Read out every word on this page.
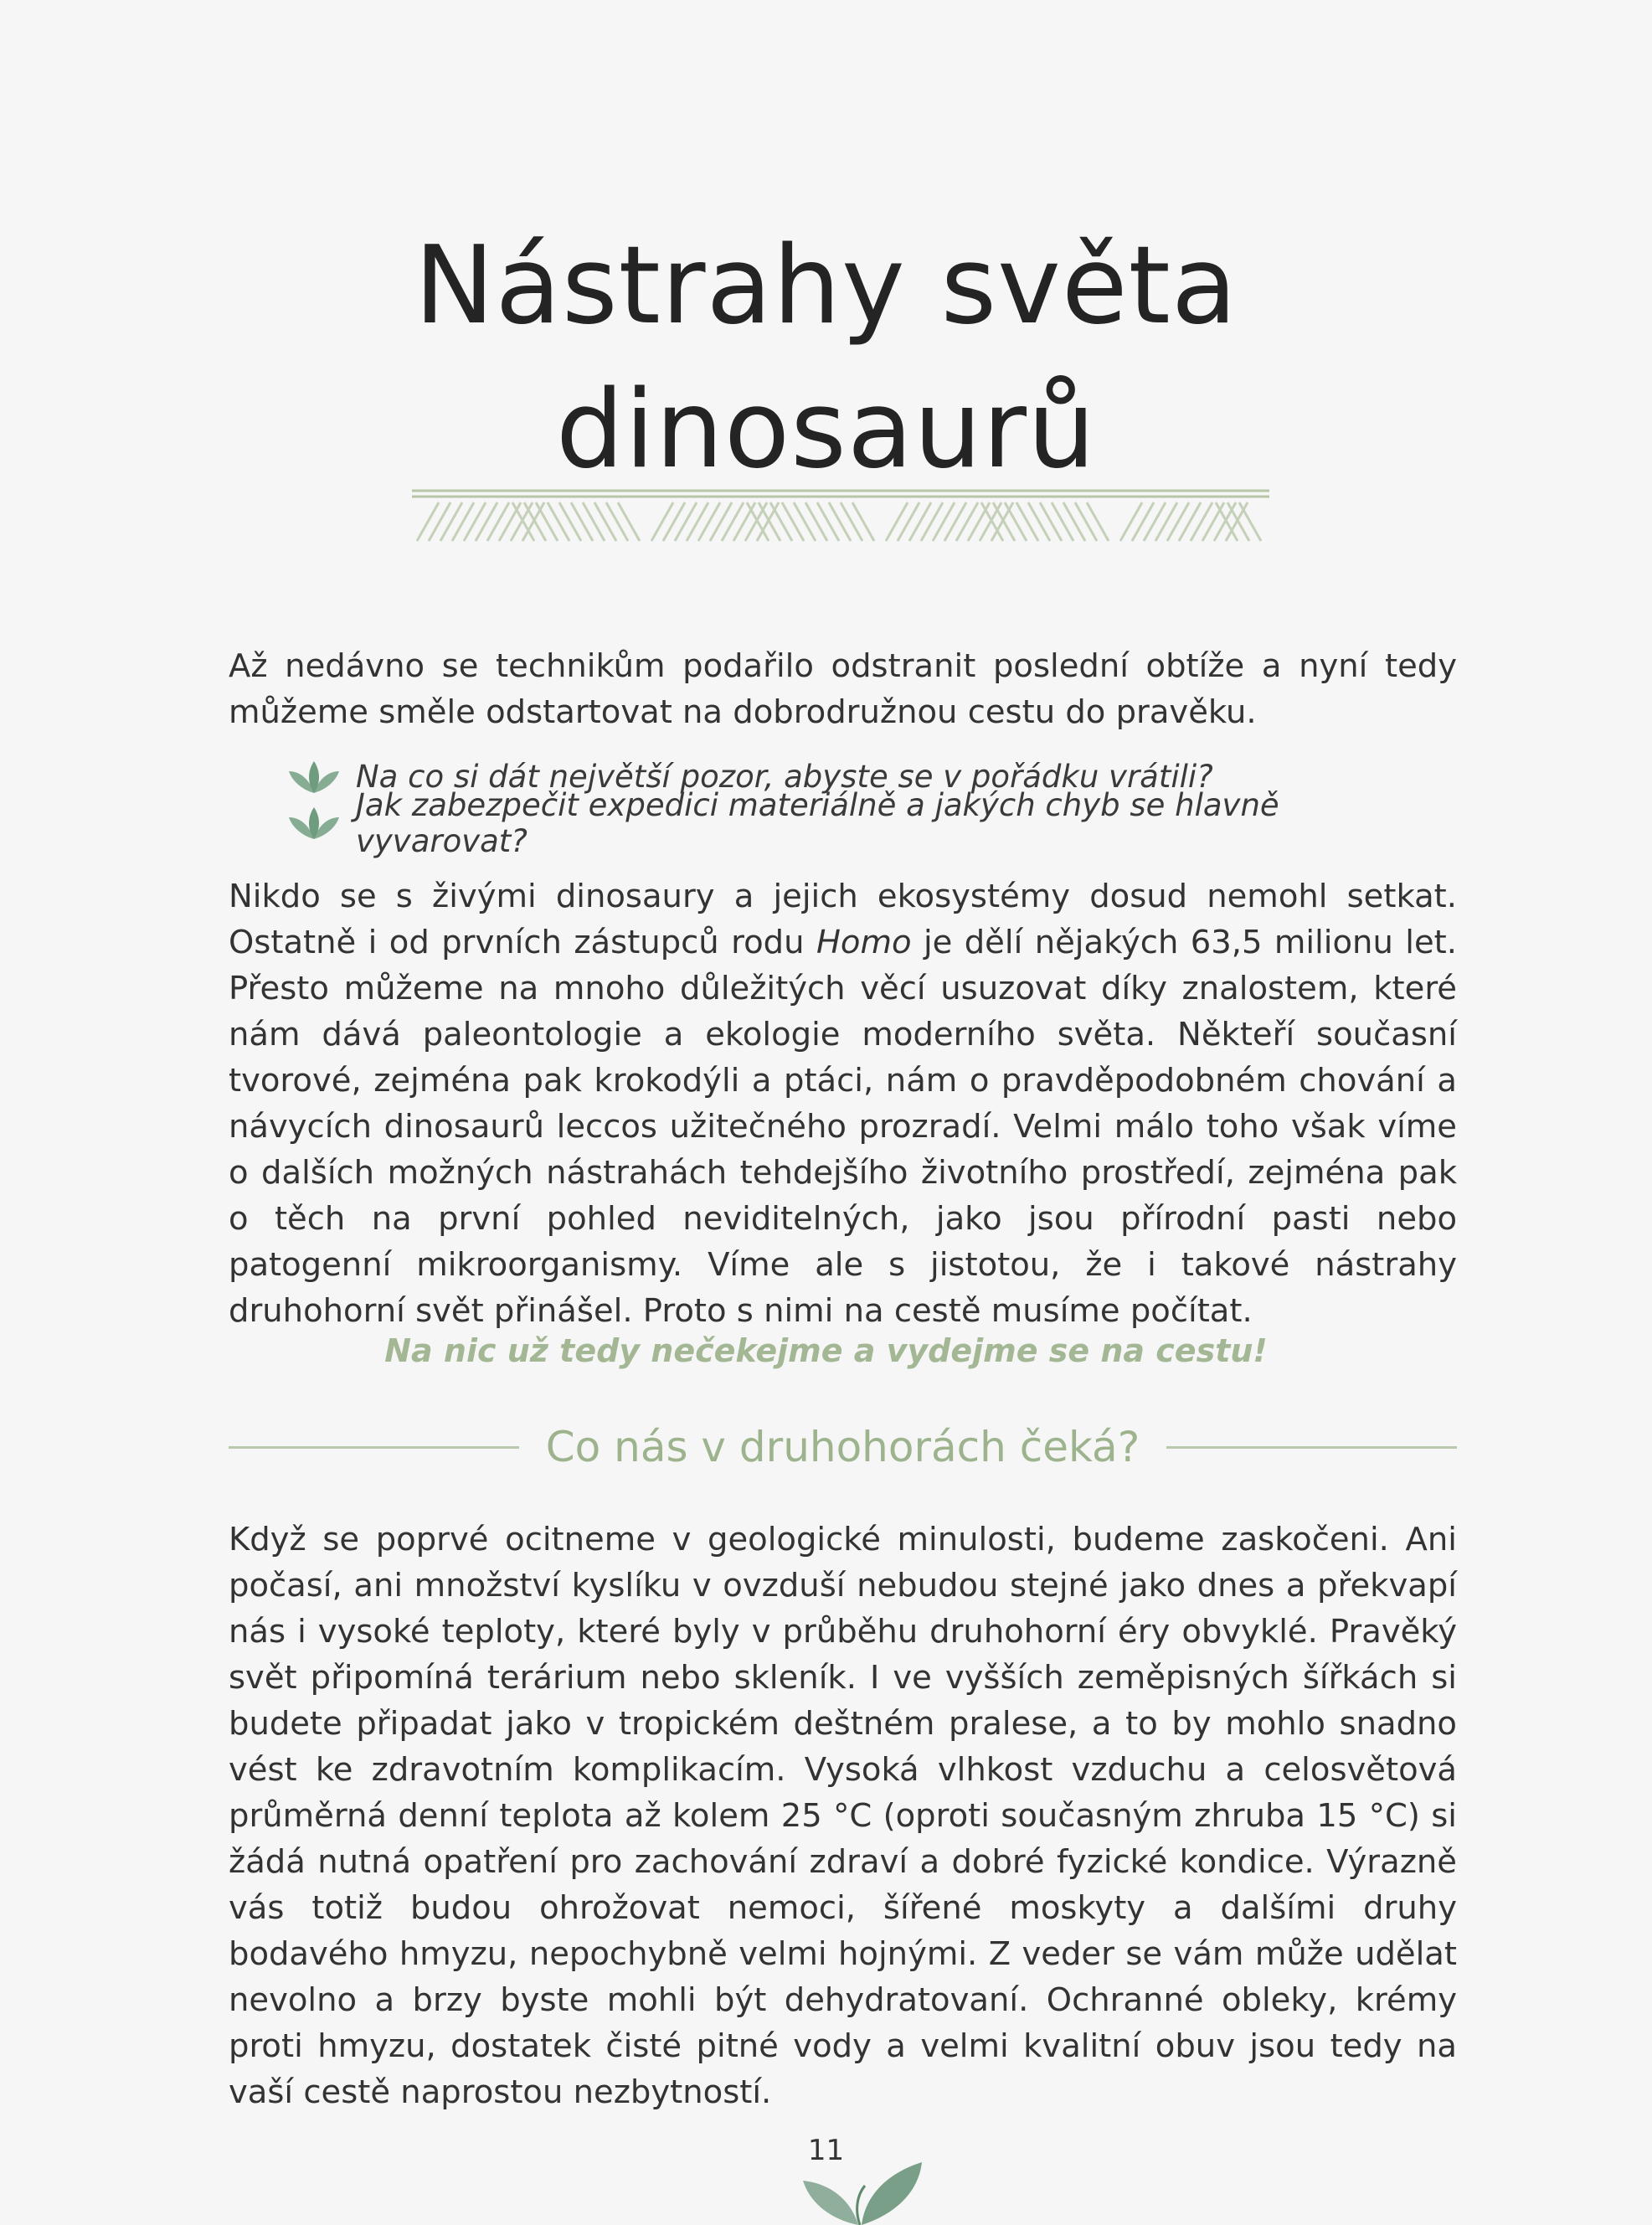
Nástrahy světa
dinosaurů

Až nedávno se technikům podařilo odstranit poslední obtíže a nyní tedy můžeme směle odstartovat na dobrodružnou cestu do pravěku.

Na co si dát největší pozor, abyste se v pořádku vrátili?
Jak zabezpečit expedici materiálně a jakých chyb se hlavně vyvarovat?

Nikdo se s živými dinosaury a jejich ekosystémy dosud nemohl setkat. Ostatně i od prvních zástupců rodu Homo je dělí nějakých 63,5 milionu let. Přesto můžeme na mnoho důležitých věcí usuzovat díky znalostem, které nám dává paleontologie a ekologie moderního světa. Někteří současní tvorové, zejména pak krokodýli a ptáci, nám o pravděpodobném chování a návycích dinosaurů leccos užitečného prozradí. Velmi málo toho však víme o dalších možných nástrahách tehdejšího životního prostředí, zejména pak o těch na první pohled neviditelných, jako jsou přírodní pasti nebo patogenní mikroorganismy. Víme ale s jistotou, že i takové nástrahy druhohorní svět přinášel. Proto s nimi na cestě musíme počítat.

Na nic už tedy nečekejme a vydejme se na cestu!
Co nás v druhohorách čeká?

Když se poprvé ocitneme v geologické minulosti, budeme zaskočeni. Ani počasí, ani množství kyslíku v ovzduší nebudou stejné jako dnes a překvapí nás i vysoké teploty, které byly v průběhu druhohorní éry obvyklé. Pravěký svět připomíná terárium nebo skleník. I ve vyšších zeměpisných šířkách si budete připadat jako v tropickém deštném pralese, a to by mohlo snadno vést ke zdravotním komplikacím. Vysoká vlhkost vzduchu a celosvětová průměrná denní teplota až kolem 25 °C (oproti současným zhruba 15 °C) si žádá nutná opatření pro zachování zdraví a dobré fyzické kondice. Výrazně vás totiž budou ohrožovat nemoci, šířené moskyty a dalšími druhy bodavého hmyzu, nepochybně velmi hojnými. Z veder se vám může udělat nevolno a brzy byste mohli být dehydratovaní. Ochranné obleky, krémy proti hmyzu, dostatek čisté pitné vody a velmi kvalitní obuv jsou tedy na vaší cestě naprostou nezbytností.

11
